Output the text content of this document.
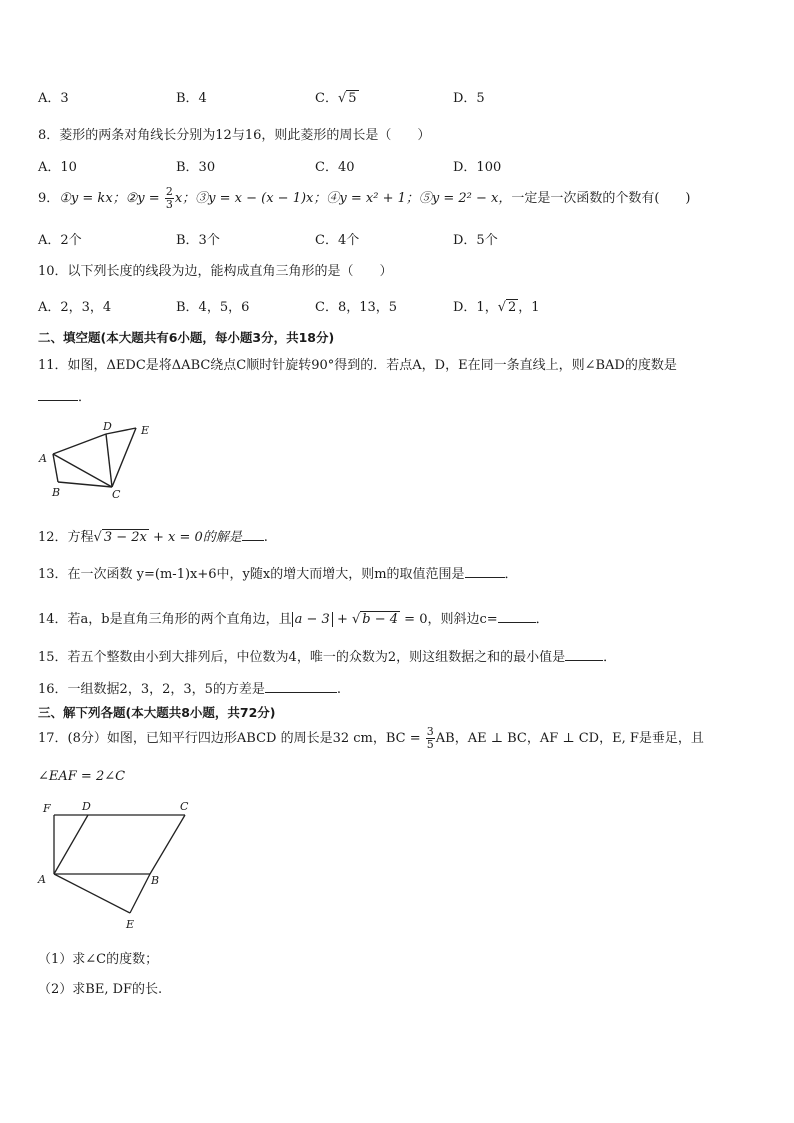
A．3	B．4	C．√ 5	D．5
8．菱形的两条对角线长分别为12与16，则此菱形的周长是（　　）
A．10	B．30	C．40	D．100
9．①y = kx；②y = $\frac{2}{3}$ x；③y = x − (x − 1)x；④y = x² + 1；⑤y = 2² − x，一定是一次函数的个数有(　　)
A．2个	B．3个	C．4个	D．5个
10．以下列长度的线段为边，能构成直角三角形的是（　　）
A．2，3，4	B．4，5，6	C．8，13，5	D．1，√ 2 ，1
二、填空题(本大题共有6小题，每小题3分，共18分)
11．如图，ΔEDC是将ΔABC绕点C顺时针旋转90°得到的．若点A，D，E在同一条直线上，则∠BAD的度数是
．
A
B	C
D	E
12．方程√ 3 − 2x + x = 0的解是 .
13．在一次函数 y=(m-1)x+6中，y随x的增大而增大，则m的取值范围是	．
14．若a，b是直角三角形的两个直角边，且 a − 3 + √ b − 4 = 0，则斜边c=	．
15．若五个整数由小到大排列后，中位数为4，唯一的众数为2，则这组数据之和的最小值是	．
16．一组数据2，3，2，3，5的方差是	.
三、解下列各题(本大题共8小题，共72分)
17．(8分）如图，已知平行四边形ABCD 的周长是32 cm，BC = $\frac{3}{5}$ AB，AE ⊥ BC，AF ⊥ CD，E, F是垂足，且
∠EAF = 2∠C
F	D	C
A	B
E
（1）求∠C的度数；
（2）求BE, DF的长.
